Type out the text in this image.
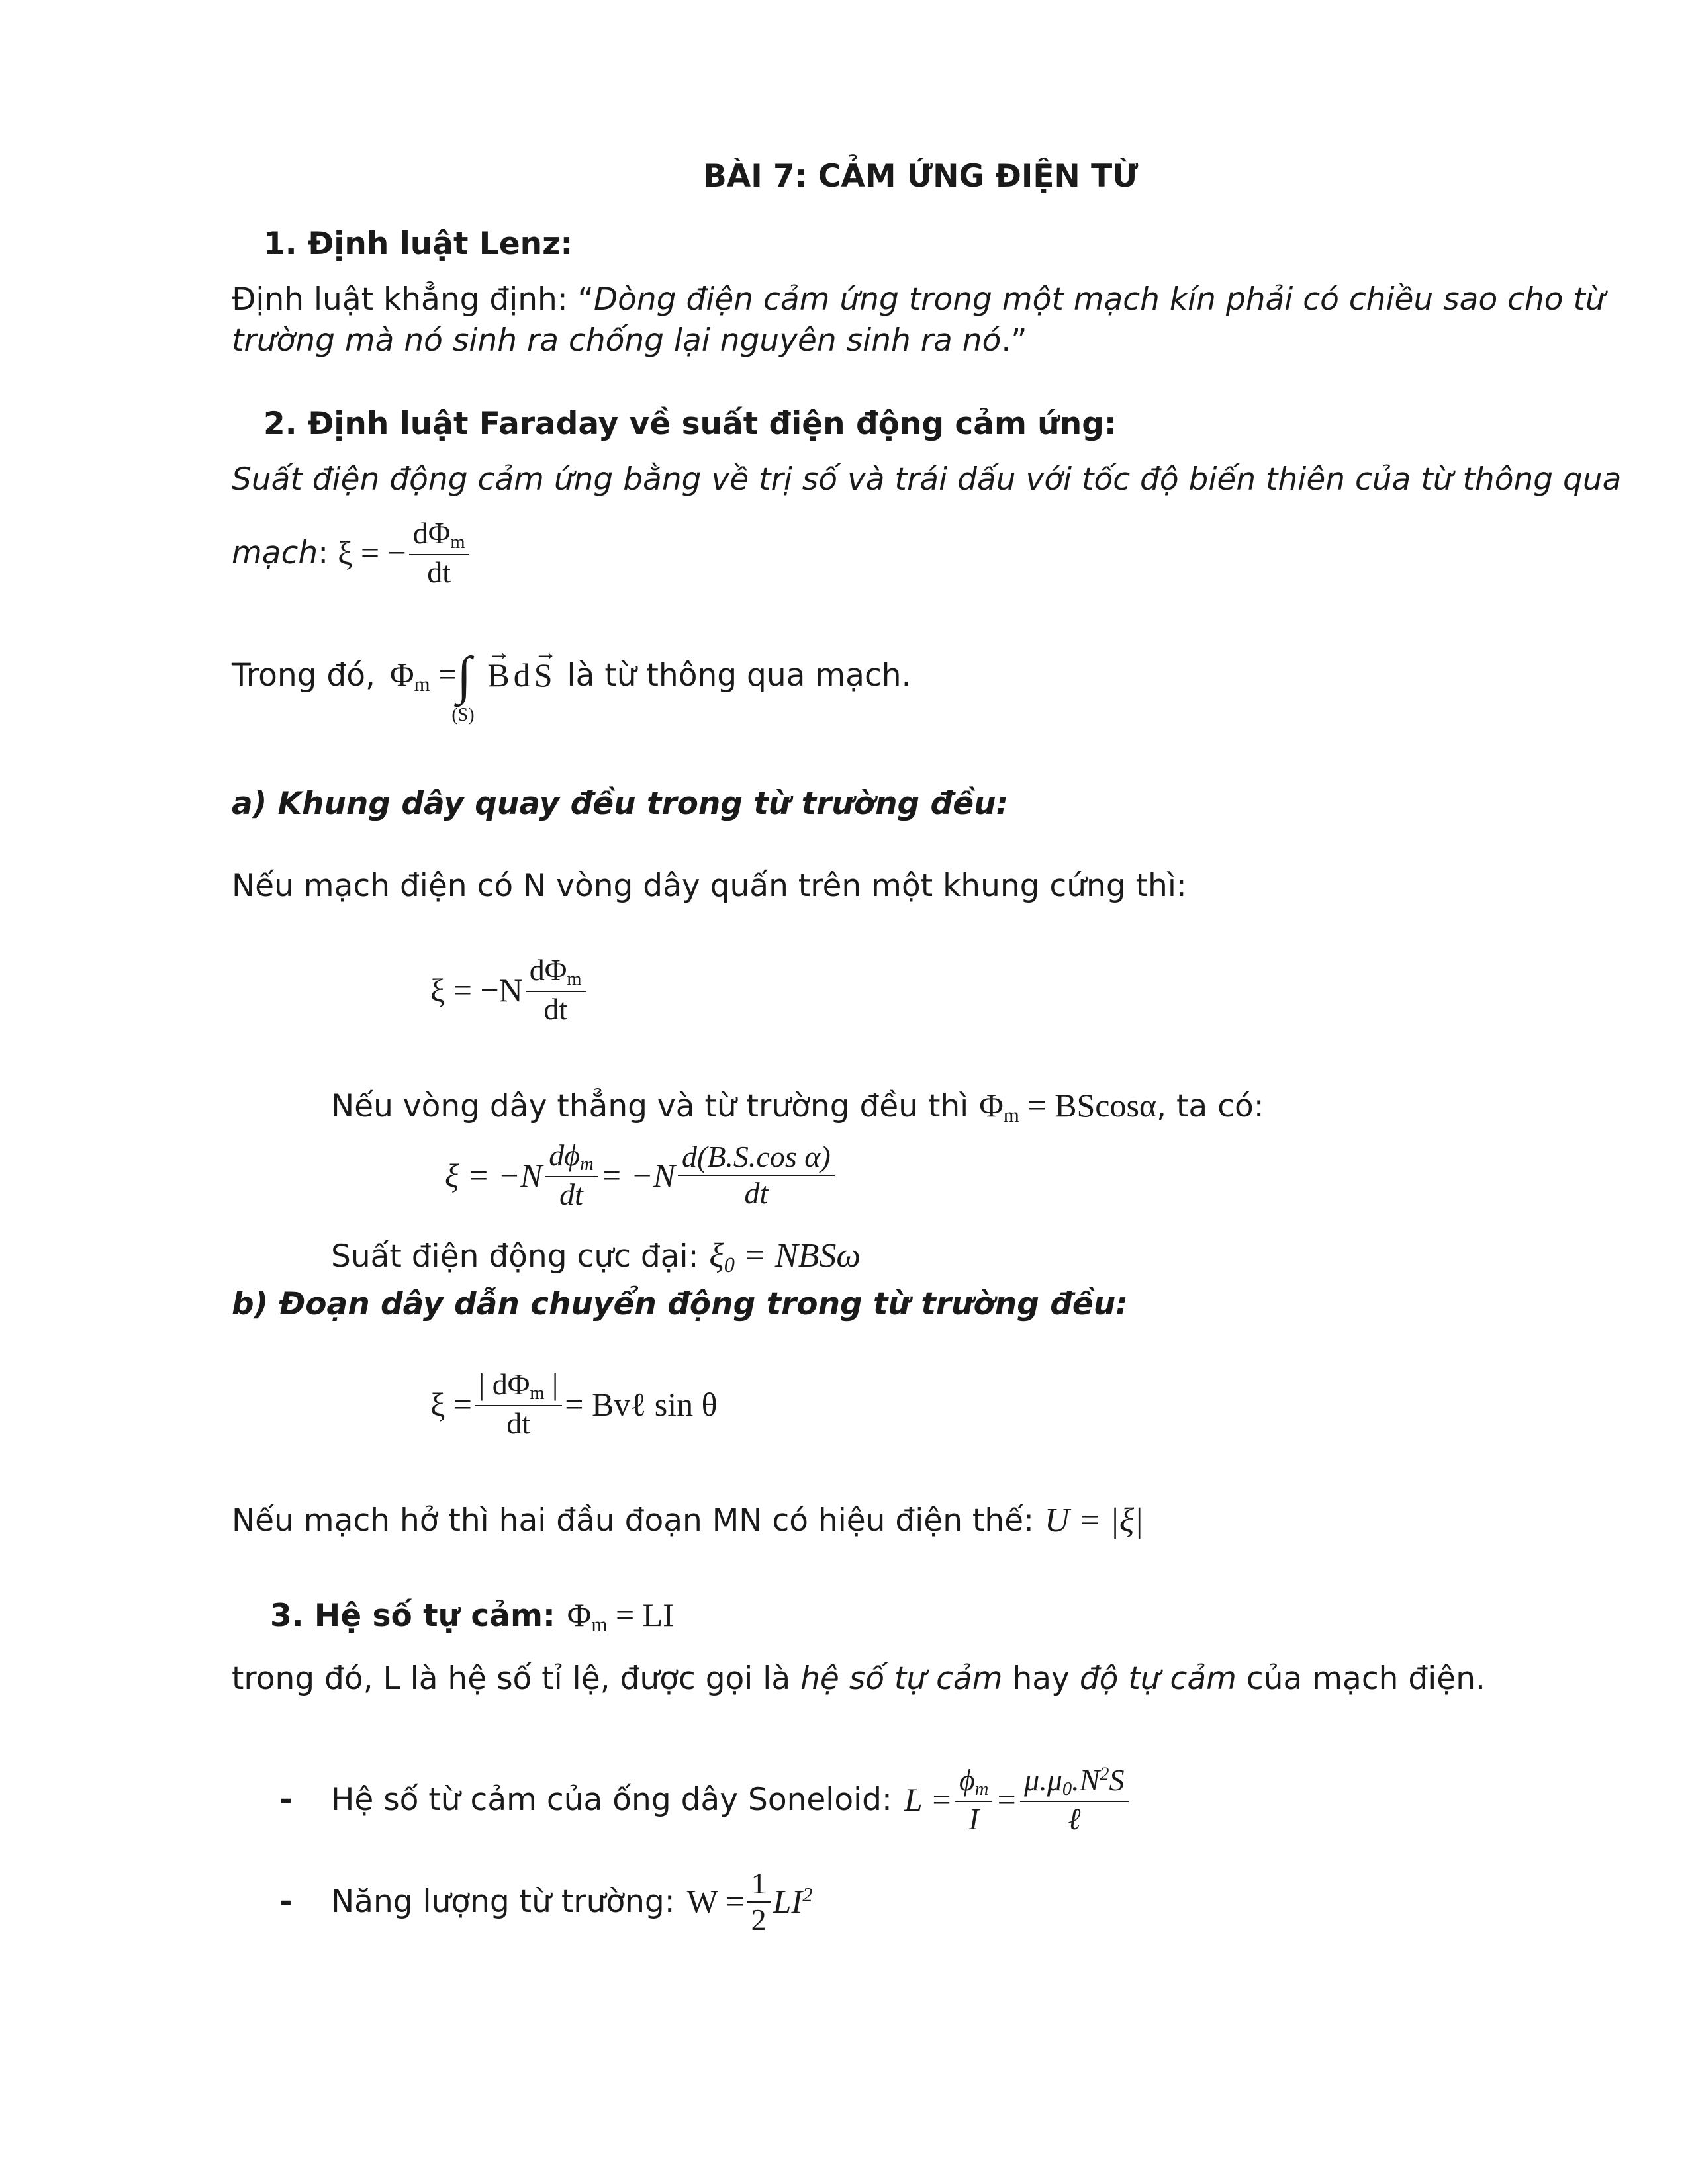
BÀI 7: CẢM ỨNG ĐIỆN TỪ
1. Định luật Lenz:
Định luật khẳng định: “Dòng điện cảm ứng trong một mạch kín phải có chiều sao cho từ
trường mà nó sinh ra chống lại nguyên sinh ra nó.”
2. Định luật Faraday về suất điện động cảm ứng:
Suất điện động cảm ứng bằng về trị số và trái dấu với tốc độ biến thiên của từ thông qua
mạch : ξ = − $\frac{d\Phi_m}{dt}$
Trong đó, $\Phi_m$ = ∫
(S)
→ B d→ S là từ thông qua mạch.
a) Khung dây quay đều trong từ trường đều:
Nếu mạch điện có N vòng dây quấn trên một khung cứng thì:
$\xi = -N \frac{d\Phi_m}{dt}$
Nếu vòng dây thẳng và từ trường đều thì $\Phi_m = BScos\alpha$ , ta có:
$\xi = -N \frac{d\phi_m}{dt} = -N \frac{\text{d(B.S.cos α)}}{dt}$
Suất điện động cực đại: $\xi_0 = NBS\omega$
b) Đoạn dây dẫn chuyển động trong từ trường đều:
$\xi = \frac{| d\Phi_m |}{dt}$ = Bvℓ sin θ
Nếu mạch hở thì hai đầu đoạn MN có hiệu điện thế: U = |ξ|
3. Hệ số tự cảm: $\Phi_m$ = LI
trong đó, L là hệ số tỉ lệ, được gọi là hệ số tự cảm hay độ tự cảm của mạch điện.
-	Hệ số từ cảm của ống dây Soneloid: $L = \frac{\phi_m}{I} = \frac{\mu.\mu_0.N^2S}{\text{ℓ}}$
-	Năng lượng từ trường: $W = \frac{1}{2} LI^2$
